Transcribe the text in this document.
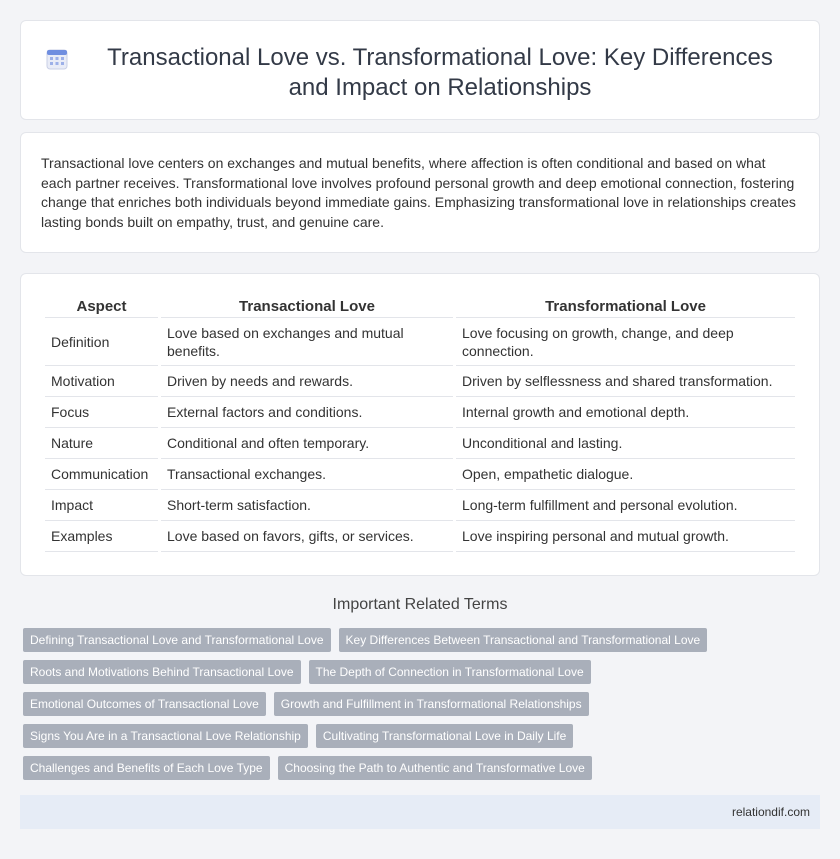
Transactional Love vs. Transformational Love: Key Differences and Impact on Relationships

Transactional love centers on exchanges and mutual benefits, where affection is often conditional and based on what each partner receives. Transformational love involves profound personal growth and deep emotional connection, fostering change that enriches both individuals beyond immediate gains. Emphasizing transformational love in relationships creates lasting bonds built on empathy, trust, and genuine care.

Aspect	Transactional Love	Transformational Love
Definition	Love based on exchanges and mutual benefits.	Love focusing on growth, change, and deep connection.
Motivation	Driven by needs and rewards.	Driven by selflessness and shared transformation.
Focus	External factors and conditions.	Internal growth and emotional depth.
Nature	Conditional and often temporary.	Unconditional and lasting.
Communication	Transactional exchanges.	Open, empathetic dialogue.
Impact	Short-term satisfaction.	Long-term fulfillment and personal evolution.
Examples	Love based on favors, gifts, or services.	Love inspiring personal and mutual growth.
Important Related Terms
Defining Transactional Love and Transformational Love	Key Differences Between Transactional and Transformational Love
Roots and Motivations Behind Transactional Love	The Depth of Connection in Transformational Love
Emotional Outcomes of Transactional Love	Growth and Fulfillment in Transformational Relationships
Signs You Are in a Transactional Love Relationship	Cultivating Transformational Love in Daily Life
Challenges and Benefits of Each Love Type	Choosing the Path to Authentic and Transformative Love
relationdif.com
